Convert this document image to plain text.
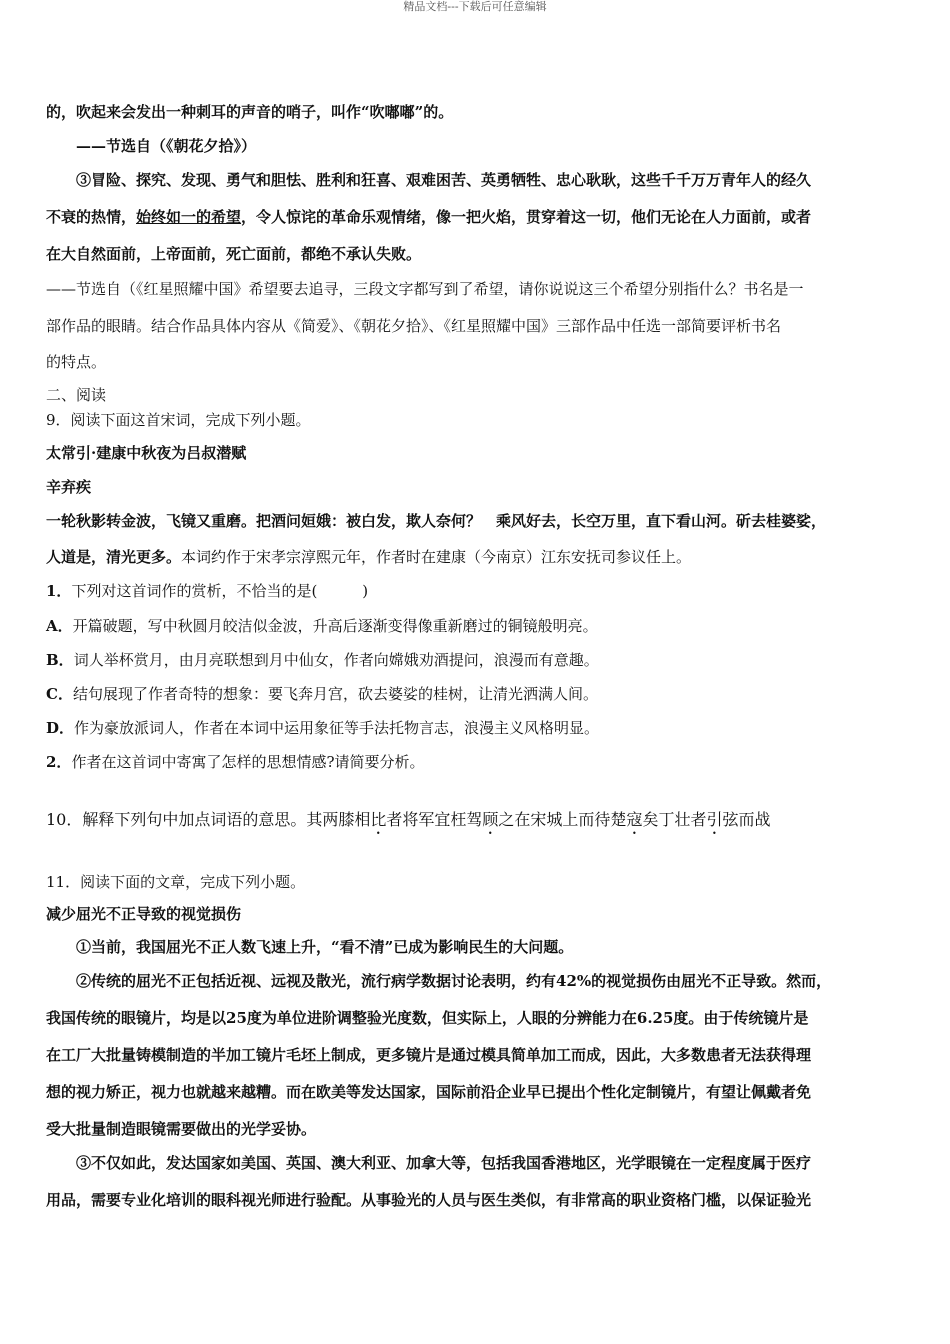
精品文档---下载后可任意编辑
的，吹起来会发出一种刺耳的声音的哨子，叫作“吹嘟嘟”的。
——节选自（《朝花夕拾》）
③冒险、探究、发现、勇气和胆怯、胜利和狂喜、艰难困苦、英勇牺牲、忠心耿耿，这些千千万万青年人的经久
不衰的热情，始终如一的希望，令人惊诧的革命乐观情绪，像一把火焰，贯穿着这一切，他们无论在人力面前，或者
在大自然面前，上帝面前，死亡面前，都绝不承认失败。
——节选自（《红星照耀中国》希望要去追寻，三段文字都写到了希望，请你说说这三个希望分别指什么？书名是一
部作品的眼睛。结合作品具体内容从《简爱》、《朝花夕拾》、《红星照耀中国》三部作品中任选一部简要评析书名
的特点。
二、阅读
9．阅读下面这首宋词，完成下列小题。
太常引·建康中秋夜为吕叔潜赋
辛弃疾
一轮秋影转金波，飞镜又重磨。把酒问姮娥：被白发，欺人奈何？　乘风好去，长空万里，直下看山河。斫去桂婆娑，
人道是，清光更多。本词约作于宋孝宗淳熙元年，作者时在建康（今南京）江东安抚司参议任上。
1．下列对这首词作的赏析，不恰当的是(　　　)
A．开篇破题，写中秋圆月皎洁似金波，升高后逐渐变得像重新磨过的铜镜般明亮。
B．词人举杯赏月，由月亮联想到月中仙女，作者向嫦娥劝酒提问，浪漫而有意趣。
C．结句展现了作者奇特的想象：要飞奔月宫，砍去婆娑的桂树，让清光洒满人间。
D．作为豪放派词人，作者在本词中运用象征等手法托物言志，浪漫主义风格明显。
2．作者在这首词中寄寓了怎样的思想情感?请简要分析。
10．解释下列句中加点词语的意思。其两膝相比者将军宜枉驾顾之在宋城上而待楚寇矣丁壮者引弦而战
11．阅读下面的文章，完成下列小题。
减少屈光不正导致的视觉损伤
①当前，我国屈光不正人数飞速上升，“看不清”已成为影响民生的大问题。
②传统的屈光不正包括近视、远视及散光，流行病学数据讨论表明，约有42%的视觉损伤由屈光不正导致。然而，
我国传统的眼镜片，均是以25度为单位进阶调整验光度数，但实际上，人眼的分辨能力在6.25度。由于传统镜片是
在工厂大批量铸模制造的半加工镜片毛坯上制成，更多镜片是通过模具简单加工而成，因此，大多数患者无法获得理
想的视力矫正，视力也就越来越糟。而在欧美等发达国家，国际前沿企业早已提出个性化定制镜片，有望让佩戴者免
受大批量制造眼镜需要做出的光学妥协。
③不仅如此，发达国家如美国、英国、澳大利亚、加拿大等，包括我国香港地区，光学眼镜在一定程度属于医疗
用品，需要专业化培训的眼科视光师进行验配。从事验光的人员与医生类似，有非常高的职业资格门槛，以保证验光
